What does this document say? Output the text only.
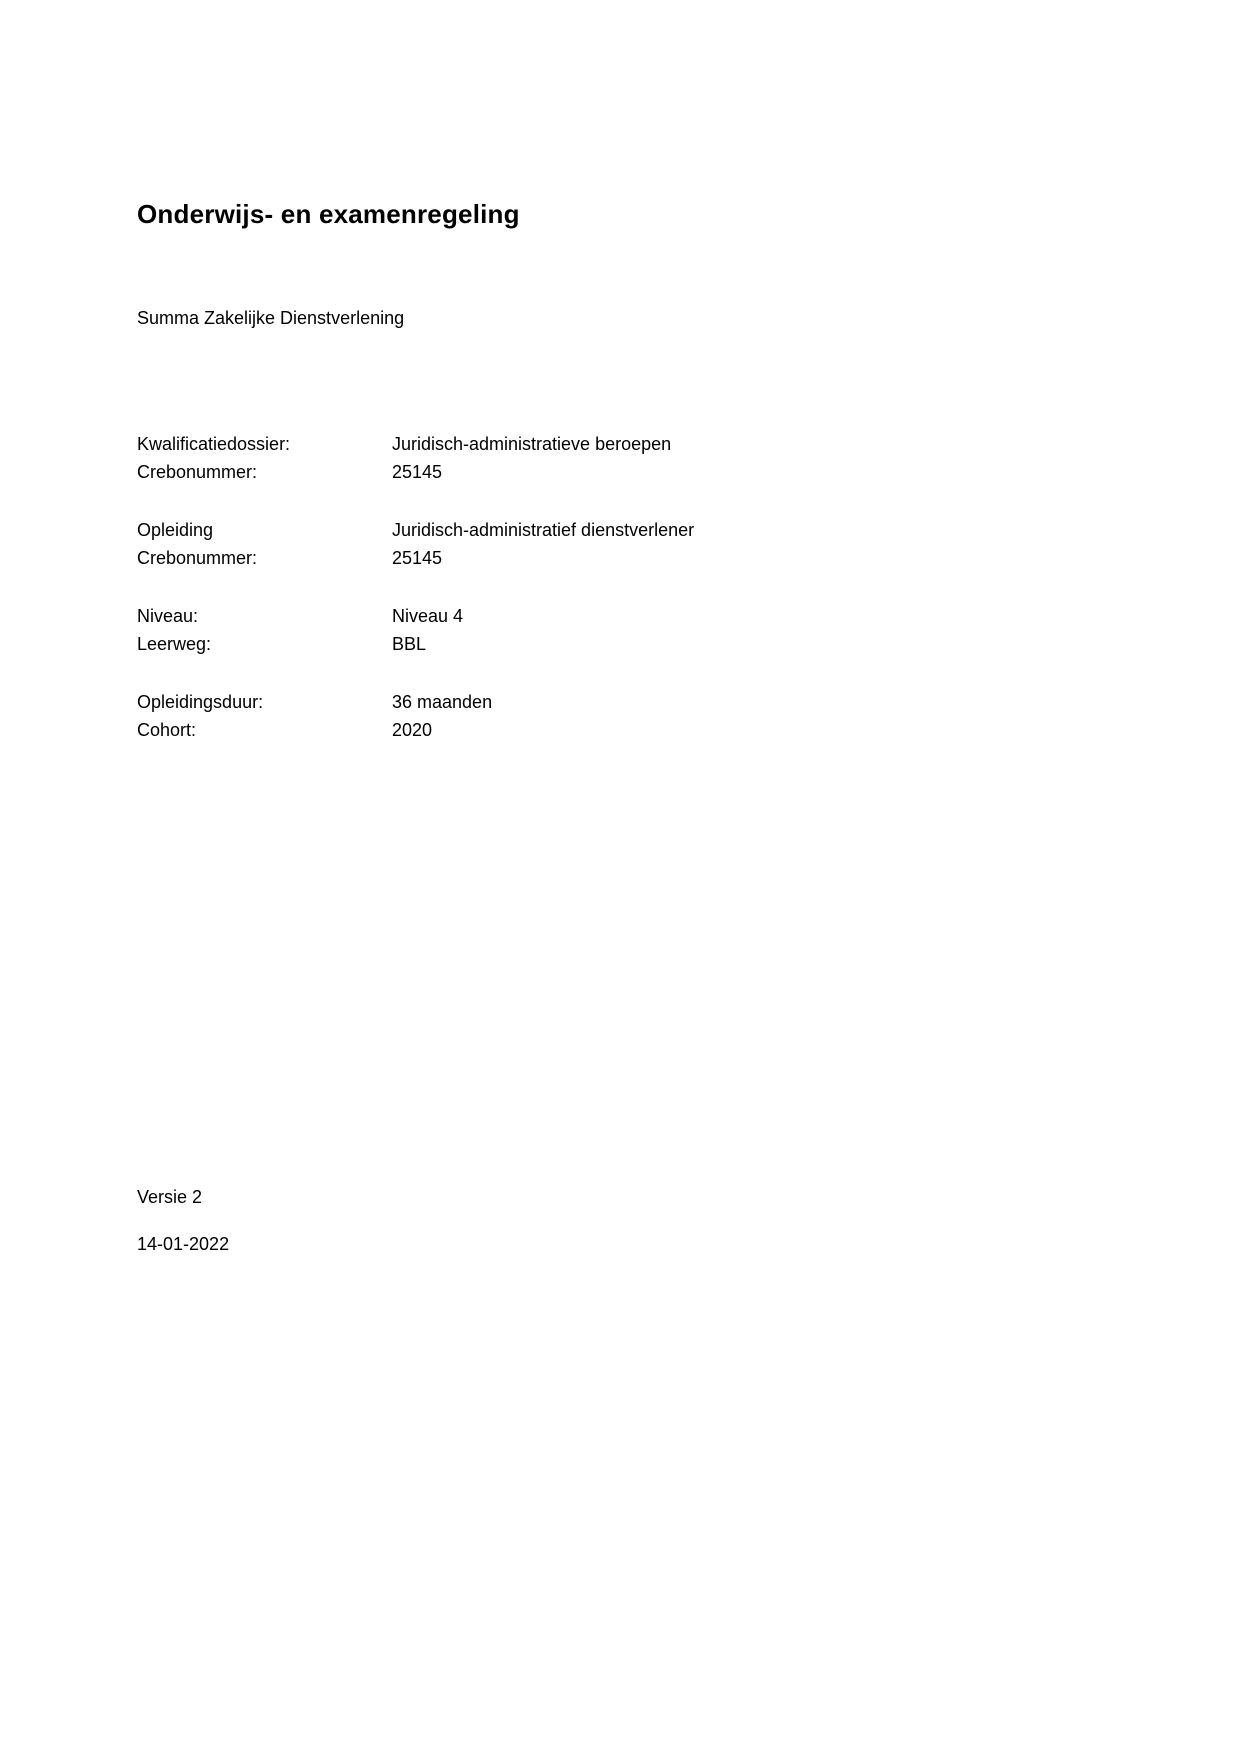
Onderwijs- en examenregeling

Summa Zakelijke Dienstverlening

Kwalificatiedossier:	Juridisch-administratieve beroepen
Crebonummer:	25145
Opleiding	Juridisch-administratief dienstverlener
Crebonummer:	25145
Niveau:	Niveau 4
Leerweg:	BBL
Opleidingsduur:	36 maanden
Cohort:	2020

Versie 2

14-01-2022
